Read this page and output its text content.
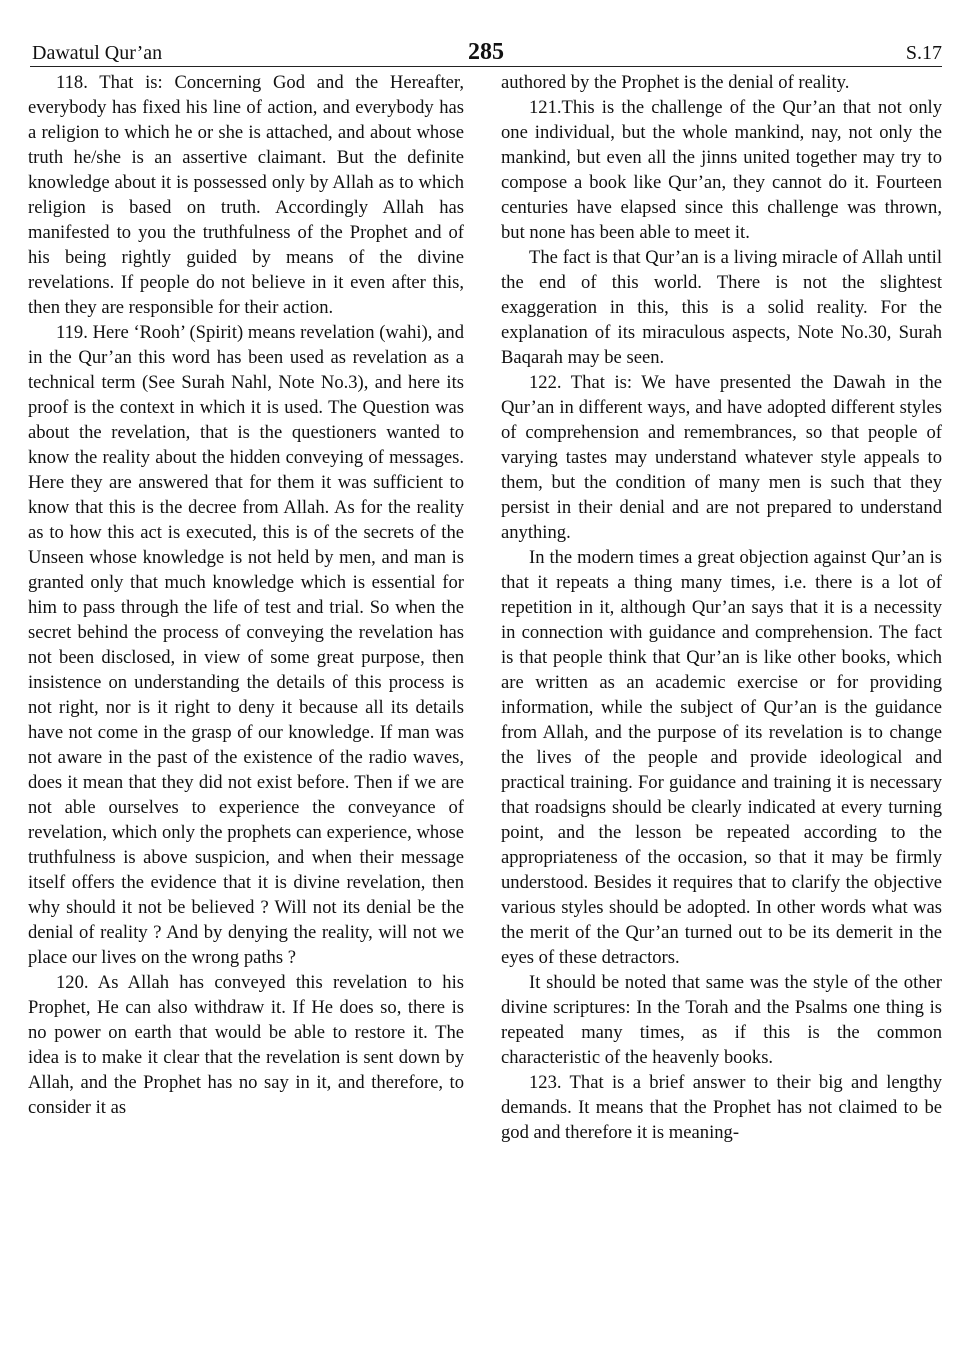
Dawatul Qur’an	285	S.17

118. That is: Concerning God and the Hereafter, everybody has fixed his line of action, and everybody has a religion to which he or she is attached, and about whose truth he/she is an assertive claimant. But the definite knowledge about it is possessed only by Allah as to which religion is based on truth. Accordingly Allah has manifested to you the truthfulness of the Prophet and of his being rightly guided by means of the divine revelations. If people do not believe in it even after this, then they are responsible for their action.

119. Here ‘Rooh’ (Spirit) means revelation (wahi), and in the Qur’an this word has been used as revelation as a technical term (See Surah Nahl, Note No.3), and here its proof is the context in which it is used. The Question was about the revelation, that is the questioners wanted to know the reality about the hidden conveying of messages. Here they are answered that for them it was sufficient to know that this is the decree from Allah. As for the reality as to how this act is executed, this is of the secrets of the Unseen whose knowledge is not held by men, and man is granted only that much knowledge which is essential for him to pass through the life of test and trial. So when the secret behind the process of conveying the revelation has not been disclosed, in view of some great purpose, then insistence on understanding the details of this process is not right, nor is it right to deny it because all its details have not come in the grasp of our knowledge. If man was not aware in the past of the existence of the radio waves, does it mean that they did not exist before. Then if we are not able ourselves to experience the conveyance of revelation, which only the prophets can experience, whose truthfulness is above suspicion, and when their message itself offers the evidence that it is divine revelation, then why should it not be believed ? Will not its denial be the denial of reality ? And by denying the reality, will not we place our lives on the wrong paths ?

120. As Allah has conveyed this revelation to his Prophet, He can also withdraw it. If He does so, there is no power on earth that would be able to restore it. The idea is to make it clear that the revelation is sent down by Allah, and the Prophet has no say in it, and therefore, to consider it as

authored by the Prophet is the denial of reality.

121.This is the challenge of the Qur’an that not only one individual, but the whole mankind, nay, not only the mankind, but even all the jinns united together may try to compose a book like Qur’an, they cannot do it. Fourteen centuries have elapsed since this challenge was thrown, but none has been able to meet it.

The fact is that Qur’an is a living miracle of Allah until the end of this world. There is not the slightest exaggeration in this, this is a solid reality. For the explanation of its miraculous aspects, Note No.30, Surah Baqarah may be seen.

122. That is: We have presented the Dawah in the Qur’an in different ways, and have adopted different styles of comprehension and remembrances, so that people of varying tastes may understand whatever style appeals to them, but the condition of many men is such that they persist in their denial and are not prepared to understand anything.

In the modern times a great objection against Qur’an is that it repeats a thing many times, i.e. there is a lot of repetition in it, although Qur’an says that it is a necessity in connection with guidance and comprehension. The fact is that people think that Qur’an is like other books, which are written as an academic exercise or for providing information, while the subject of Qur’an is the guidance from Allah, and the purpose of its revelation is to change the lives of the people and provide ideological and practical training. For guidance and training it is necessary that roadsigns should be clearly indicated at every turning point, and the lesson be repeated according to the appropriateness of the occasion, so that it may be firmly understood. Besides it requires that to clarify the objective various styles should be adopted. In other words what was the merit of the Qur’an turned out to be its demerit in the eyes of these detractors.

It should be noted that same was the style of the other divine scriptures: In the Torah and the Psalms one thing is repeated many times, as if this is the common characteristic of the heavenly books.

123. That is a brief answer to their big and lengthy demands. It means that the Prophet has not claimed to be god and therefore it is meaning-
